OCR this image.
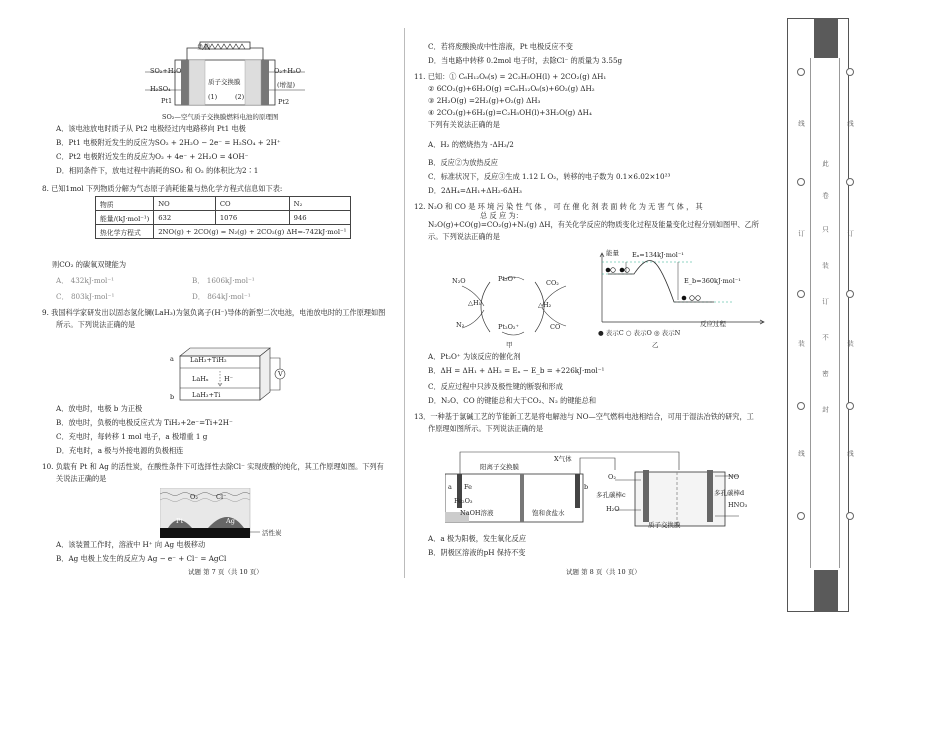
负载
SO₂+H₂O
H₂SO₄
Pt1
质子交换膜
(1)	(2)
O₂+H₂O
(增湿)
Pt2
SO₂—空气质子交换膜燃料电池的原理图
A．该电池放电时质子从 Pt2 电极经过内电路移向 Pt1 电极
B．Pt1 电极附近发生的反应为SO₂ + 2H₂O − 2e⁻ = H₂SO₄ + 2H⁺
C．Pt2 电极附近发生的反应为O₂ + 4e⁻ + 2H₂O = 4OH⁻
D．相同条件下，放电过程中消耗的SO₂ 和 O₂ 的体积比为2∶1
8. 已知1mol 下列物质分解为气态原子消耗能量与热化学方程式信息如下表:
物质	NO	CO	N₂
能量/(kJ·mol⁻¹)	632	1076	946
热化学方程式	2NO(g) + 2CO(g) = N₂(g) + 2CO₂(g) ΔH=-742kJ·mol⁻¹		
则CO₂ 的碳氧双键能为
A． 432kJ·mol⁻¹	B． 1606kJ·mol⁻¹
C． 803kJ·mol⁻¹	D． 864kJ·mol⁻¹
9. 我国科学家研发出以固态氢化镧(LaH₃)为氢负离子(H⁻)导体的新型二次电池，电池放电时的工作原理如图
所示。下列说法正确的是
a
b
LaH₃+TiH₂
LaHₓ H⁻
LaH₃+Ti
V
A．放电时，电极 b 为正极
B．放电时，负极的电极反应式为 TiH₂+2e⁻=Ti+2H⁻
C．充电时，每转移 1 mol 电子，a 极增重 1 g
D．充电时，a 极与外接电源的负极相连
10. 负载有 Pt 和 Ag 的活性炭，在酸性条件下可选择性去除Cl⁻ 实现废酸的纯化，其工作原理如图。下列有
关说法正确的是
O₂	Cl⁻
Pt	Ag
活性炭
A．该装置工作时，溶液中 H⁺ 向 Ag 电极移动
B．Ag 电极上发生的反应为 Ag − e⁻ + Cl⁻ = AgCl
试题 第 7 页（共 10 页）
C．若将废酸换成中性溶液，Pt 电极反应不变
D．当电路中转移 0.2mol 电子时，去除Cl⁻ 的质量为 3.55g
11. 已知：① C₆H₁₂O₆(s) = 2C₂H₅OH(l) + 2CO₂(g) ΔH₁
② 6CO₂(g)+6H₂O(g) =C₆H₁₂O₆(s)+6O₂(g) ΔH₂
③ 2H₂O(g) =2H₂(g)+O₂(g) ΔH₃
④ 2CO₂(g)+6H₂(g)=C₂H₅OH(l)+3H₂O(g) ΔH₄
下列有关说法正确的是
A．H₂ 的燃烧热为 -ΔH₃/2
B．反应②为放热反应
C．标准状况下，反应③生成 1.12 L O₂，转移的电子数为 0.1×6.02×10²³
D．2ΔH₄=ΔH₁+ΔH₂-6ΔH₃
12. N₂O 和 CO 是 环 境 污 染 性 气 体 ， 可 在 催 化 剂 表 面 转 化 为 无 害 气 体 ， 其
总 反 应 为：
N₂O(g)+CO(g)=CO₂(g)+N₂(g) ΔH，有关化学反应的物质变化过程及能量变化过程分别如图甲、乙所
示。下列说法正确的是
N₂O
N₂
Pt₂O⁺
Pt₂O₂⁺
CO₂
CO
△H₁	△H₂
甲
能量 Eₐ=134kJ·mol⁻¹
E_b=360kJ·mol⁻¹
反应过程
● 表示C ○ 表示O ◎ 表示N
乙
A．Pt₂O⁺ 为该反应的催化剂
B．ΔH = ΔH₁ + ΔH₂ = Eₐ − E_b = +226kJ·mol⁻¹
C．反应过程中只涉及极性键的断裂和形成
D．N₂O、CO 的键能总和大于CO₂、N₂ 的键能总和
13．一种基于氯碱工艺的节能新工艺是将电解池与 NO—空气燃料电池相结合，可用于湿法冶铁的研究，工
作原理如图所示。下列说法正确的是
a Fe
Fe₂O₃
NaOH溶液
阳离子交换膜
X气体
饱和食盐水
b
O₂
多孔碳棒c
H₂O
NO
多孔碳棒d
HNO₃
质子交换膜
A．a 极为阳极，发生氧化反应
B．阴极区溶液的pH 保持不变
试题 第 8 页（共 10 页）
线
订
装
线
线
订
装
线
此
卷
只
装
订
不
密
封
